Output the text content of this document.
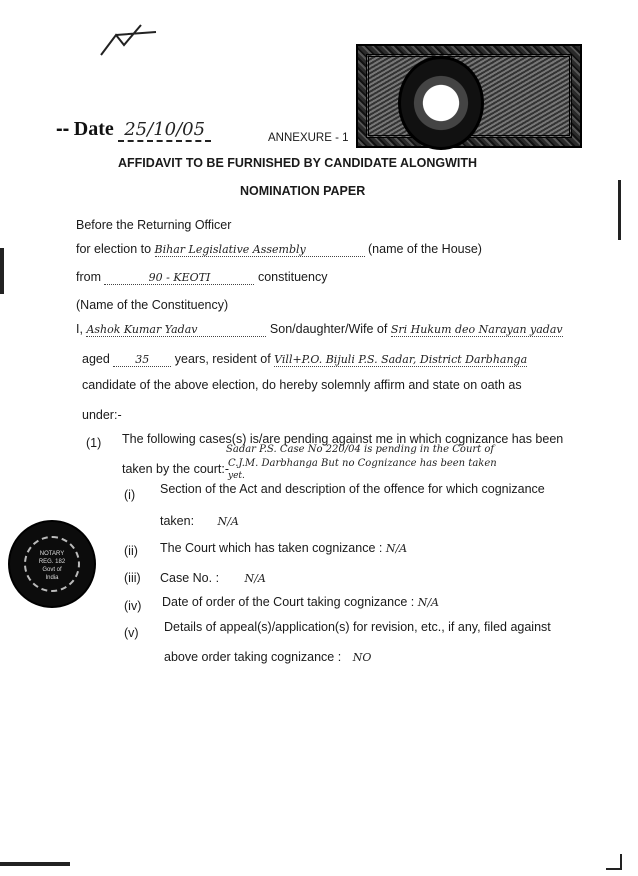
-- Date 25/10/05	ANNEXURE - 1
AFFIDAVIT TO BE FURNISHED BY CANDIDATE ALONGWITH
NOMINATION PAPER
Before the Returning Officer
for election to Bihar Legislative Assembly	(name of the House)
from	90 - KEOTI	constituency
(Name of the Constituency)
I, Ashok Kumar Yadav	Son/daughter/Wife of Sri Hukum deo Narayan yadav
aged 35 years, resident of Vill+P.O. Bijuli P.S. Sadar, District Darbhanga
candidate of the above election, do hereby solemnly affirm and state on oath as
under:-
(1) The following cases(s) is/are pending against me in which cognizance has been
taken by the court:-
Sadar P.S. Case No 220/04 is pending in the Court of
C.J.M. Darbhanga But no Cognizance has been taken
yet.
(i) Section of the Act and description of the offence for which cognizance
taken: N/A
(ii) The Court which has taken cognizance : N/A
(iii) Case No. : N/A
(iv) Date of order of the Court taking cognizance : N/A
(v) Details of appeal(s)/application(s) for revision, etc., if any, filed against
above order taking cognizance : NO
NOTARY
REG. 182
Govt of India
